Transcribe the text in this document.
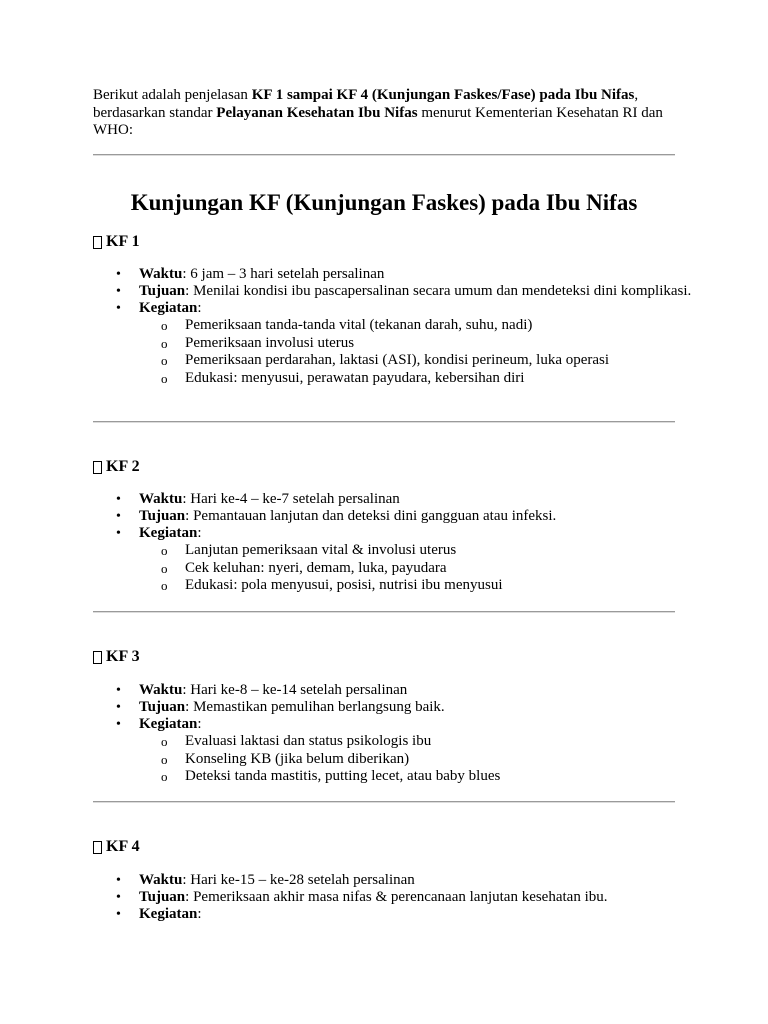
Berikut adalah penjelasan KF 1 sampai KF 4 (Kunjungan Faskes/Fase) pada Ibu Nifas, berdasarkan standar Pelayanan Kesehatan Ibu Nifas menurut Kementerian Kesehatan RI dan WHO:

Kunjungan KF (Kunjungan Faskes) pada Ibu Nifas
KF 1
• Waktu: 6 jam – 3 hari setelah persalinan
• Tujuan: Menilai kondisi ibu pascapersalinan secara umum dan mendeteksi dini komplikasi.
• Kegiatan:
o Pemeriksaan tanda-tanda vital (tekanan darah, suhu, nadi)
o Pemeriksaan involusi uterus
o Pemeriksaan perdarahan, laktasi (ASI), kondisi perineum, luka operasi
o Edukasi: menyusui, perawatan payudara, kebersihan diri
KF 2
• Waktu: Hari ke-4 – ke-7 setelah persalinan
• Tujuan: Pemantauan lanjutan dan deteksi dini gangguan atau infeksi.
• Kegiatan:
o Lanjutan pemeriksaan vital & involusi uterus
o Cek keluhan: nyeri, demam, luka, payudara
o Edukasi: pola menyusui, posisi, nutrisi ibu menyusui
KF 3
• Waktu: Hari ke-8 – ke-14 setelah persalinan
• Tujuan: Memastikan pemulihan berlangsung baik.
• Kegiatan:
o Evaluasi laktasi dan status psikologis ibu
o Konseling KB (jika belum diberikan)
o Deteksi tanda mastitis, putting lecet, atau baby blues
KF 4
• Waktu: Hari ke-15 – ke-28 setelah persalinan
• Tujuan: Pemeriksaan akhir masa nifas & perencanaan lanjutan kesehatan ibu.
• Kegiatan:
